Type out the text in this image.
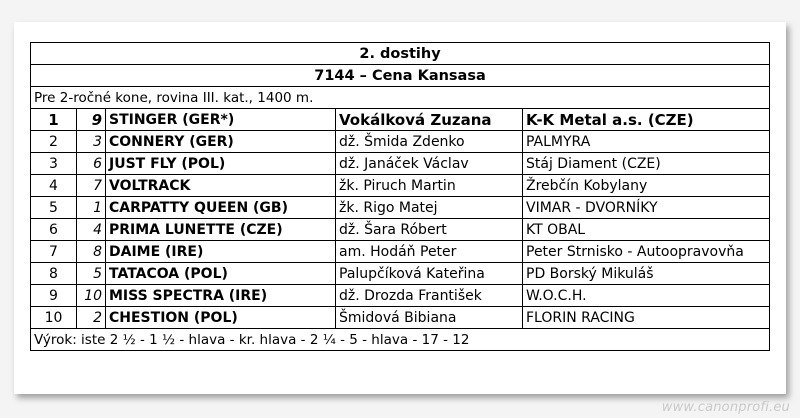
2. dostihy				
7144 – Cena Kansasa				
Pre 2-ročné kone, rovina III. kat., 1400 m.				
1	9	STINGER (GER*)	Vokálková Zuzana	K-K Metal a.s. (CZE)
2	3	CONNERY (GER)	dž. Šmida Zdenko	PALMYRA
3	6	JUST FLY (POL)	dž. Janáček Václav	Stáj Diament (CZE)
4	7	VOLTRACK	žk. Piruch Martin	Žrebčín Kobylany
5	1	CARPATTY QUEEN (GB)	žk. Rigo Matej	VIMAR - DVORNÍKY
6	4	PRIMA LUNETTE (CZE)	dž. Šara Róbert	KT OBAL
7	8	DAIME (IRE)	am. Hodáň Peter	Peter Strnisko - Autoopravovňa
8	5	TATACOA (POL)	Palupčíková Kateřina	PD Borský Mikuláš
9	10	MISS SPECTRA (IRE)	dž. Drozda František	W.O.C.H.
10	2	CHESTION (POL)	Šmidová Bibiana	FLORIN RACING
Výrok: iste 2 ½ - 1 ½ - hlava - kr. hlava - 2 ¼ - 5 - hlava - 17 - 12				
www.canonprofi.eu
